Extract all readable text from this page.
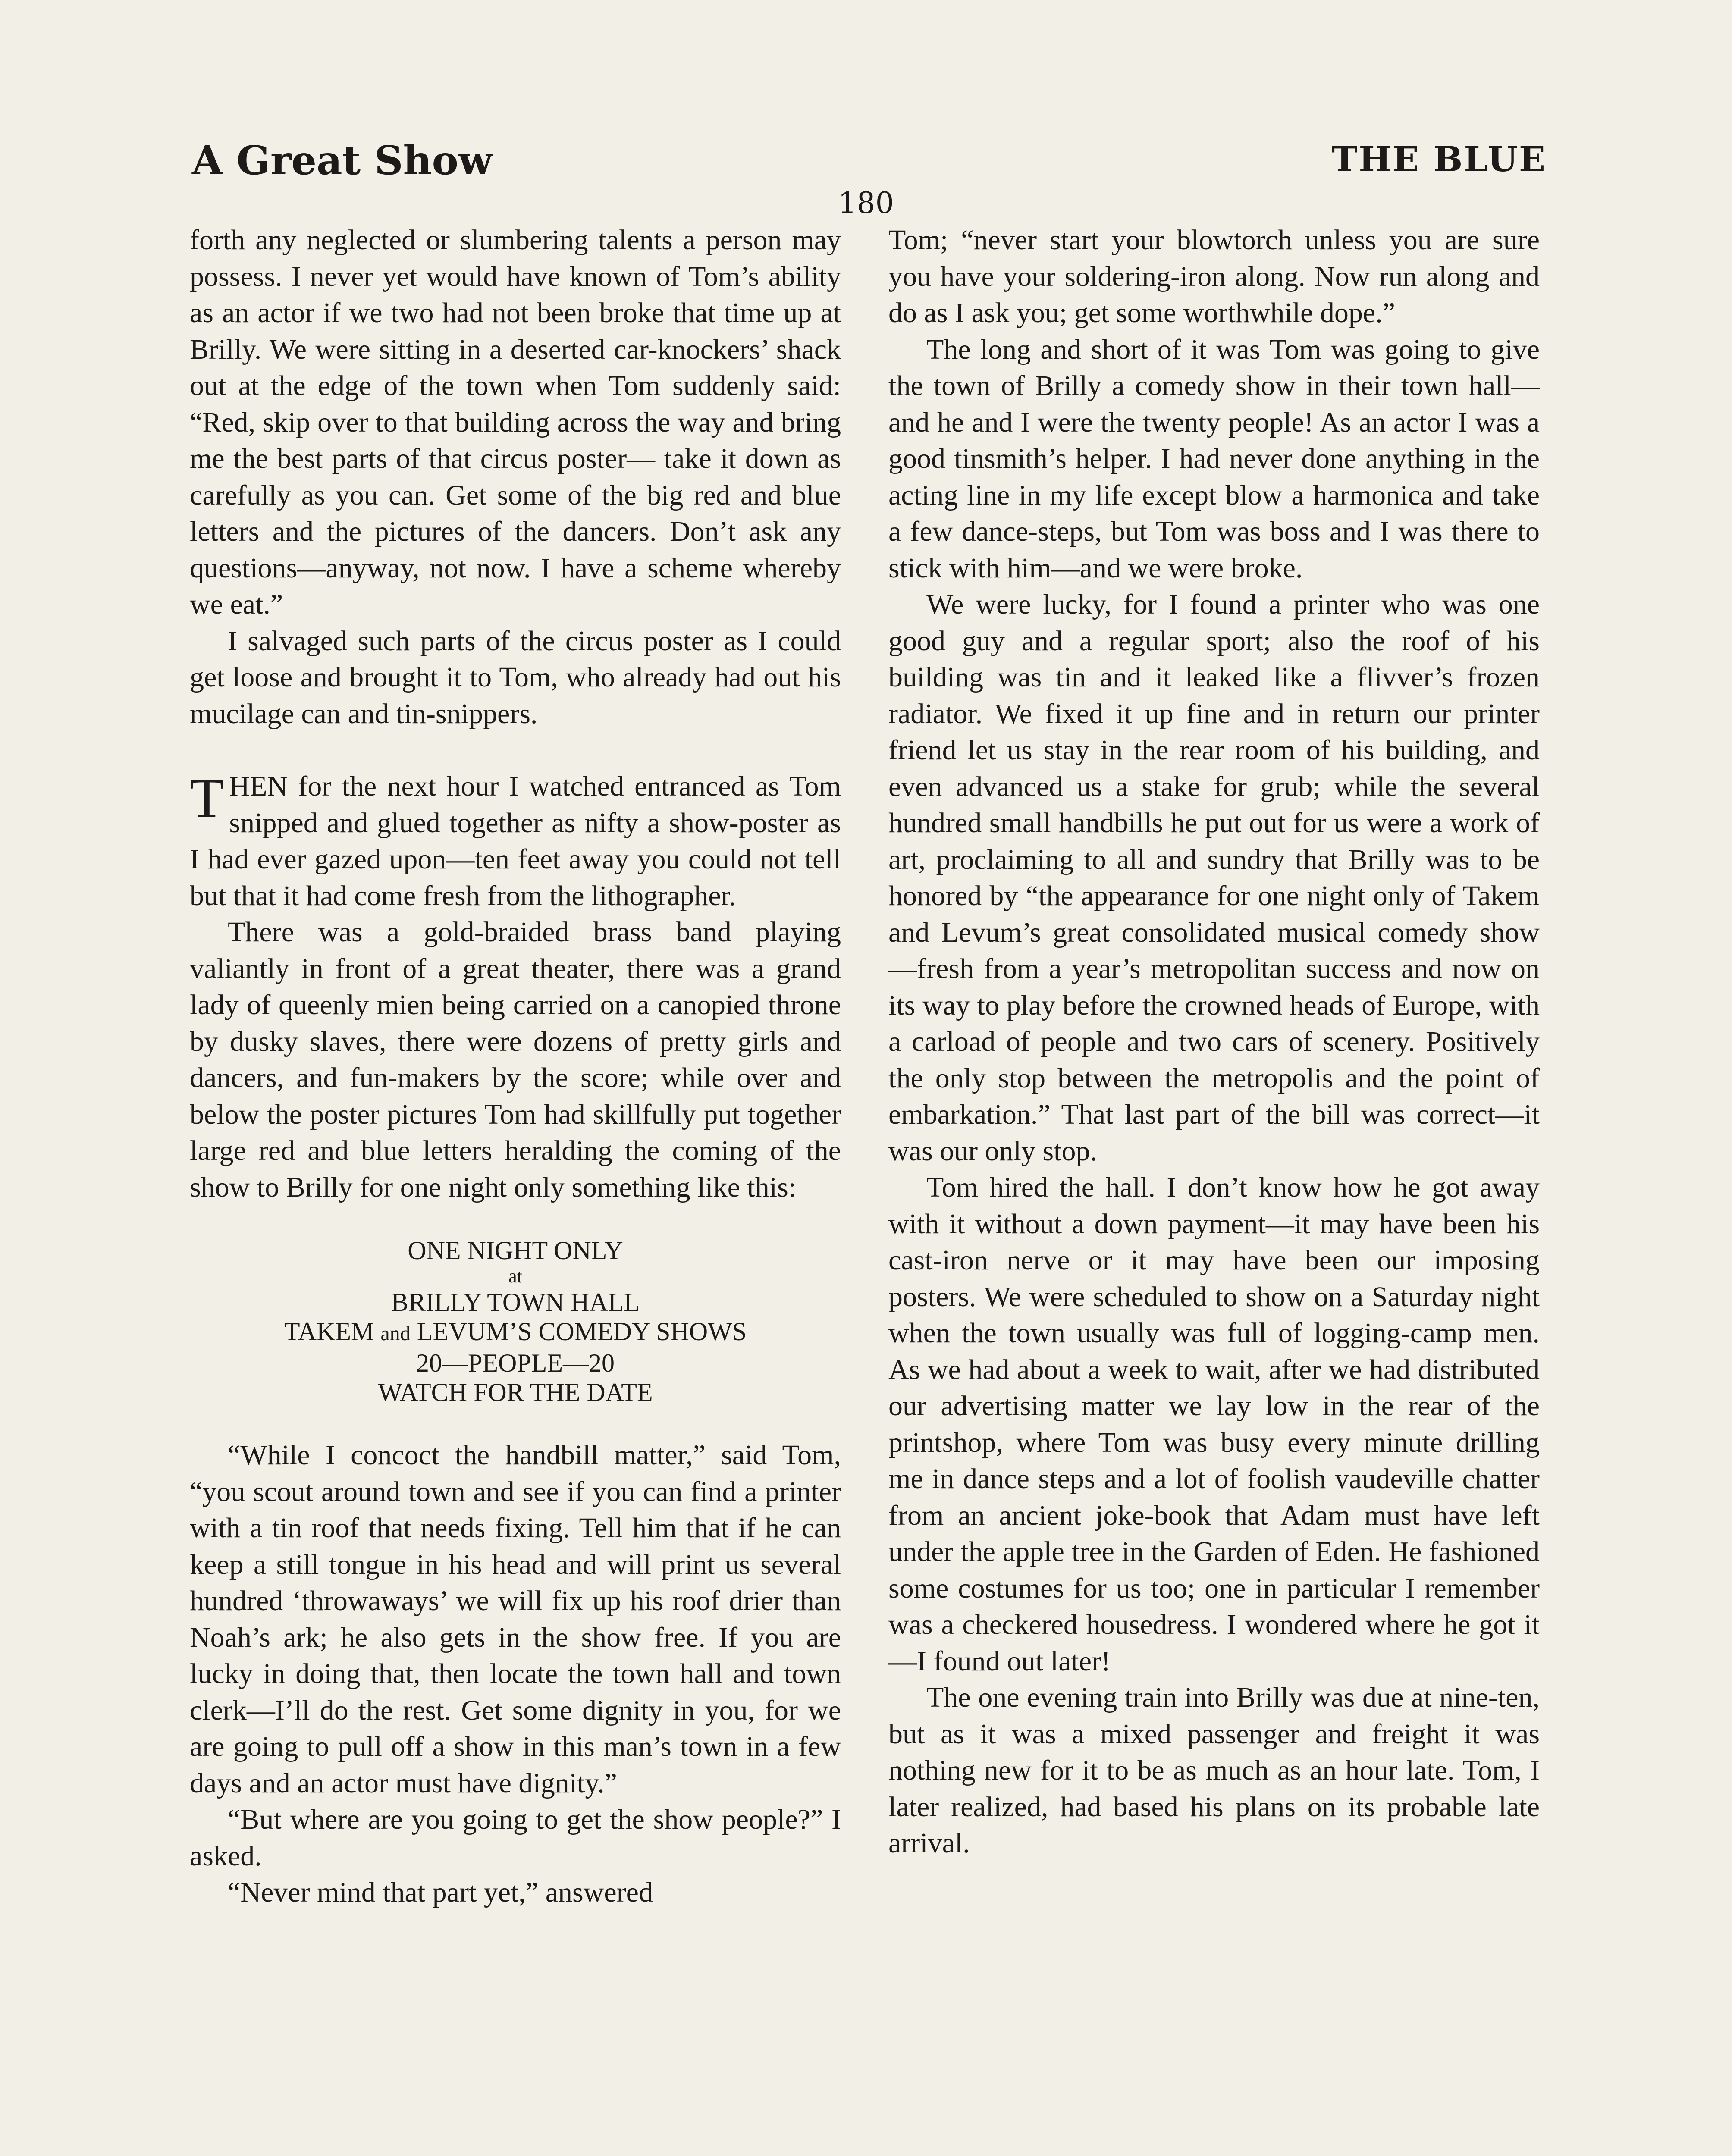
A Great Show	THE BLUE
180

forth any neglected or slumbering talents a person may possess. I never yet would have known of Tom’s ability as an actor if we two had not been broke that time up at Brilly. We were sitting in a deserted car-knockers’ shack out at the edge of the town when Tom suddenly said: “Red, skip over to that building across the way and bring me the best parts of that circus poster— take it down as carefully as you can. Get some of the big red and blue letters and the pictures of the dancers. Don’t ask any questions—anyway, not now. I have a scheme whereby we eat.”

I salvaged such parts of the circus poster as I could get loose and brought it to Tom, who already had out his mucilage can and tin-snippers.

THEN for the next hour I watched entranced as Tom snipped and glued together as nifty a show-poster as I had ever gazed upon—ten feet away you could not tell but that it had come fresh from the lithographer.

There was a gold-braided brass band playing valiantly in front of a great theater, there was a grand lady of queenly mien being carried on a canopied throne by dusky slaves, there were dozens of pretty girls and dancers, and fun-makers by the score; while over and below the poster pictures Tom had skillfully put together large red and blue letters heralding the coming of the show to Brilly for one night only something like this:

ONE NIGHT ONLY
at
BRILLY TOWN HALL
TAKEM and LEVUM’S COMEDY SHOWS
20—PEOPLE—20
WATCH FOR THE DATE

“While I concoct the handbill matter,” said Tom, “you scout around town and see if you can find a printer with a tin roof that needs fixing. Tell him that if he can keep a still tongue in his head and will print us several hundred ‘throwaways’ we will fix up his roof drier than Noah’s ark; he also gets in the show free. If you are lucky in doing that, then locate the town hall and town clerk—I’ll do the rest. Get some dignity in you, for we are going to pull off a show in this man’s town in a few days and an actor must have dignity.”

“But where are you going to get the show people?” I asked.

“Never mind that part yet,” answered

Tom; “never start your blowtorch unless you are sure you have your soldering-iron along. Now run along and do as I ask you; get some worthwhile dope.”

The long and short of it was Tom was going to give the town of Brilly a comedy show in their town hall—and he and I were the twenty people! As an actor I was a good tinsmith’s helper. I had never done anything in the acting line in my life except blow a harmonica and take a few dance-steps, but Tom was boss and I was there to stick with him—and we were broke.

We were lucky, for I found a printer who was one good guy and a regular sport; also the roof of his building was tin and it leaked like a flivver’s frozen radiator. We fixed it up fine and in return our printer friend let us stay in the rear room of his building, and even advanced us a stake for grub; while the several hundred small handbills he put out for us were a work of art, proclaiming to all and sundry that Brilly was to be honored by “the appearance for one night only of Takem and Levum’s great consolidated musical comedy show—fresh from a year’s metropolitan success and now on its way to play before the crowned heads of Europe, with a carload of people and two cars of scenery. Positively the only stop between the metropolis and the point of embarkation.” That last part of the bill was correct—it was our only stop.

Tom hired the hall. I don’t know how he got away with it without a down payment—it may have been his cast-iron nerve or it may have been our imposing posters. We were scheduled to show on a Saturday night when the town usually was full of logging-camp men. As we had about a week to wait, after we had distributed our advertising matter we lay low in the rear of the printshop, where Tom was busy every minute drilling me in dance steps and a lot of foolish vaudeville chatter from an ancient joke-book that Adam must have left under the apple tree in the Garden of Eden. He fashioned some costumes for us too; one in particular I remember was a checkered housedress. I wondered where he got it—I found out later!

The one evening train into Brilly was due at nine-ten, but as it was a mixed passenger and freight it was nothing new for it to be as much as an hour late. Tom, I later realized, had based his plans on its probable late arrival.
